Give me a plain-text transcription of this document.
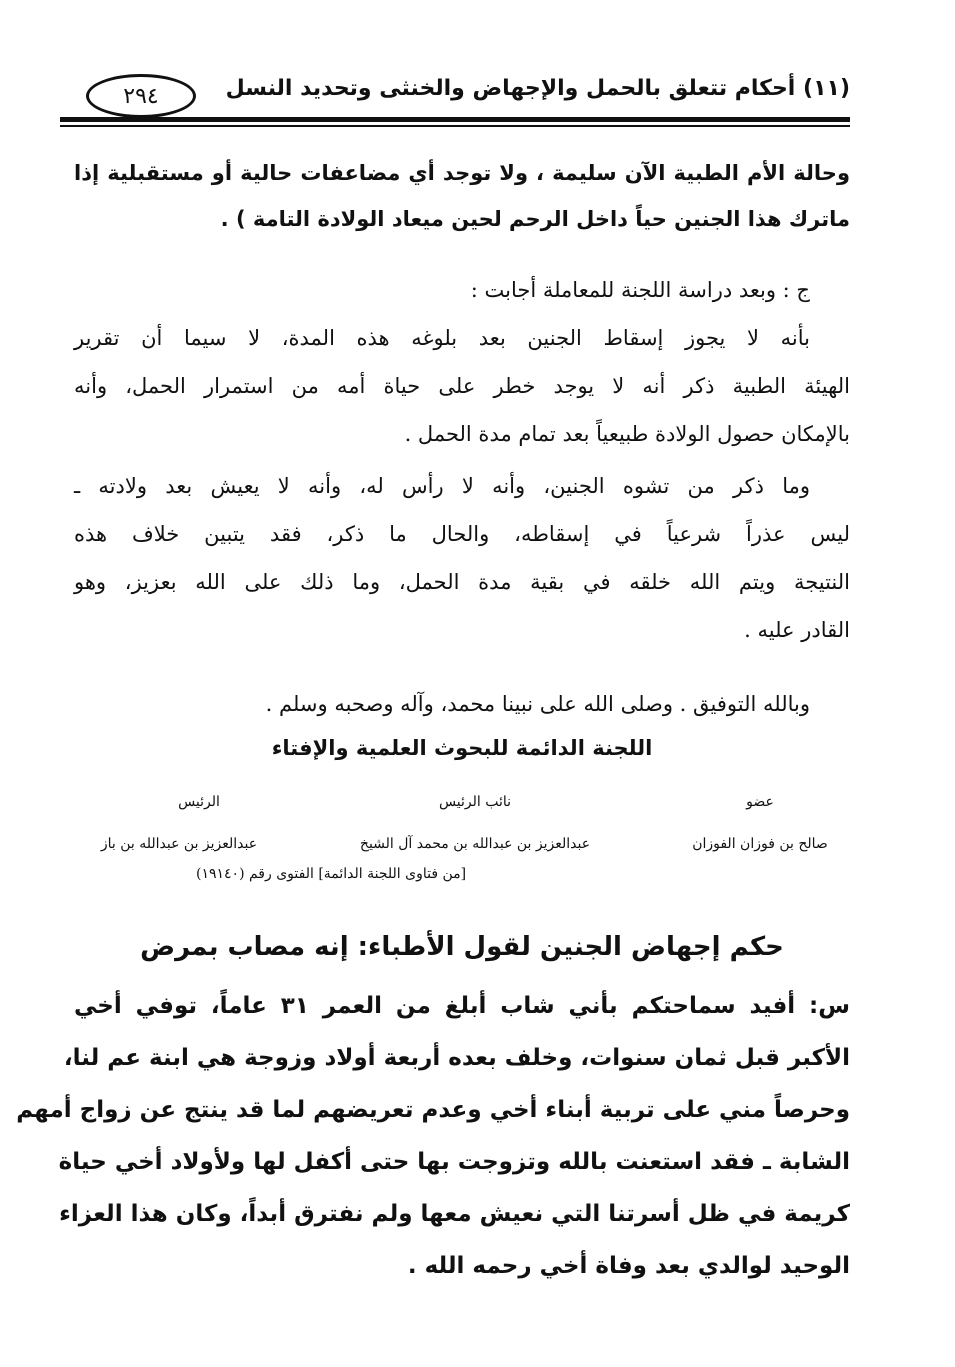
(١١) أحكام تتعلق بالحمل والإجهاض والخنثى وتحديد النسل
٢٩٤
وحالة الأم الطبية الآن سليمة ، ولا توجد أي مضاعفات حالية أو مستقبلية إذا
ماترك هذا الجنين حياً داخل الرحم لحين ميعاد الولادة التامة ) .
ج : وبعد دراسة اللجنة للمعاملة أجابت :
بأنه لا يجوز إسقاط الجنين بعد بلوغه هذه المدة، لا سيما أن تقرير
الهيئة الطبية ذكر أنه لا يوجد خطر على حياة أمه من استمرار الحمل، وأنه
بالإمكان حصول الولادة طبيعياً بعد تمام مدة الحمل .
وما ذكر من تشوه الجنين، وأنه لا رأس له، وأنه لا يعيش بعد ولادته ـ
ليس عذراً شرعياً في إسقاطه، والحال ما ذكر، فقد يتبين خلاف هذه
النتيجة ويتم الله خلقه في بقية مدة الحمل، وما ذلك على الله بعزيز، وهو
القادر عليه .
وبالله التوفيق . وصلى الله على نبينا محمد، وآله وصحبه وسلم .
اللجنة الدائمة للبحوث العلمية والإفتاء
عضو
صالح بن فوزان الفوزان
نائب الرئيس
عبدالعزيز بن عبدالله بن محمد آل الشيخ
الرئيس
عبدالعزيز بن عبدالله بن باز
[من فتاوى اللجنة الدائمة] الفتوى رقم (١٩١٤٠)
حكم إجهاض الجنين لقول الأطباء: إنه مصاب بمرض
س: أفيد سماحتكم بأني شاب أبلغ من العمر ٣١ عاماً، توفي أخي
الأكبر قبل ثمان سنوات، وخلف بعده أربعة أولاد وزوجة هي ابنة عم لنا،
وحرصاً مني على تربية أبناء أخي وعدم تعريضهم لما قد ينتج عن زواج أمهم
الشابة ـ فقد استعنت بالله وتزوجت بها حتى أكفل لها ولأولاد أخي حياة
كريمة في ظل أسرتنا التي نعيش معها ولم نفترق أبداً، وكان هذا العزاء
الوحيد لوالدي بعد وفاة أخي رحمه الله .
